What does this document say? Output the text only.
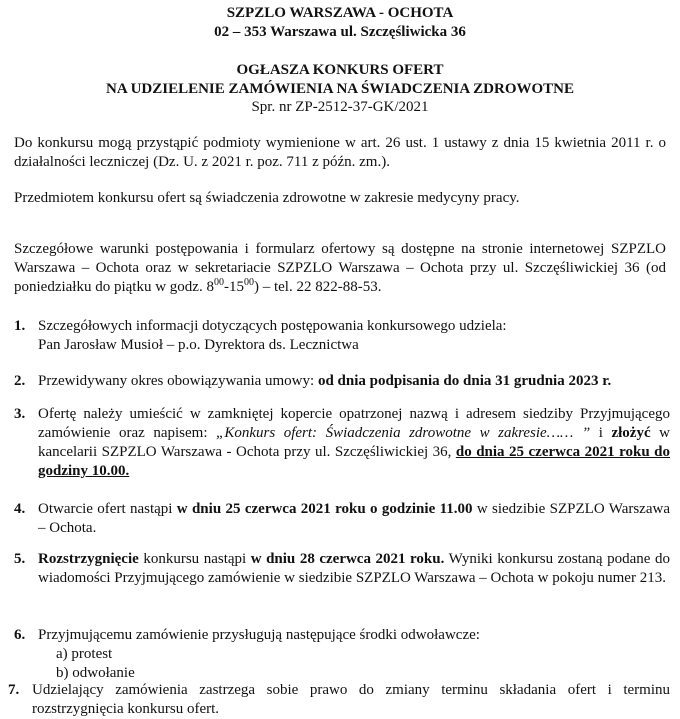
SZPZLO WARSZAWA - OCHOTA
02 – 353 Warszawa ul. Szczęśliwicka 36
OGŁASZA KONKURS OFERT
NA UDZIELENIE ZAMÓWIENIA NA ŚWIADCZENIA ZDROWOTNE
Spr. nr ZP-2512-37-GK/2021
Do konkursu mogą przystąpić podmioty wymienione w art. 26 ust. 1 ustawy z dnia 15 kwietnia 2011 r. o działalności leczniczej (Dz. U. z 2021 r. poz. 711 z późn. zm.).
Przedmiotem konkursu ofert są świadczenia zdrowotne w zakresie medycyny pracy.
Szczegółowe warunki postępowania i formularz ofertowy są dostępne na stronie internetowej SZPZLO Warszawa – Ochota oraz w sekretariacie SZPZLO Warszawa – Ochota przy ul. Szczęśliwickiej 36 (od poniedziałku do piątku w godz. $8^{00}-15^{00}$) – tel. 22 822-88-53.
1. Szczegółowych informacji dotyczących postępowania konkursowego udziela:
Pan Jarosław Musioł – p.o. Dyrektora ds. Lecznictwa
2. Przewidywany okres obowiązywania umowy: od dnia podpisania do dnia 31 grudnia 2023 r.
3. Ofertę należy umieścić w zamkniętej kopercie opatrzonej nazwą i adresem siedziby Przyjmującego zamówienie oraz napisem: „Konkurs ofert: Świadczenia zdrowotne w zakresie…… ” i złożyć w kancelarii SZPZLO Warszawa - Ochota przy ul. Szczęśliwickiej 36, do dnia 25 czerwca 2021 roku do godziny 10.00.
4. Otwarcie ofert nastąpi w dniu 25 czerwca 2021 roku o godzinie 11.00 w siedzibie SZPZLO Warszawa – Ochota.
5. Rozstrzygnięcie konkursu nastąpi w dniu 28 czerwca 2021 roku. Wyniki konkursu zostaną podane do wiadomości Przyjmującego zamówienie w siedzibie SZPZLO Warszawa – Ochota w pokoju numer 213.
6. Przyjmującemu zamówienie przysługują następujące środki odwoławcze:
a) protest
b) odwołanie
7. Udzielający zamówienia zastrzega sobie prawo do zmiany terminu składania ofert i terminu rozstrzygnięcia konkursu ofert.
